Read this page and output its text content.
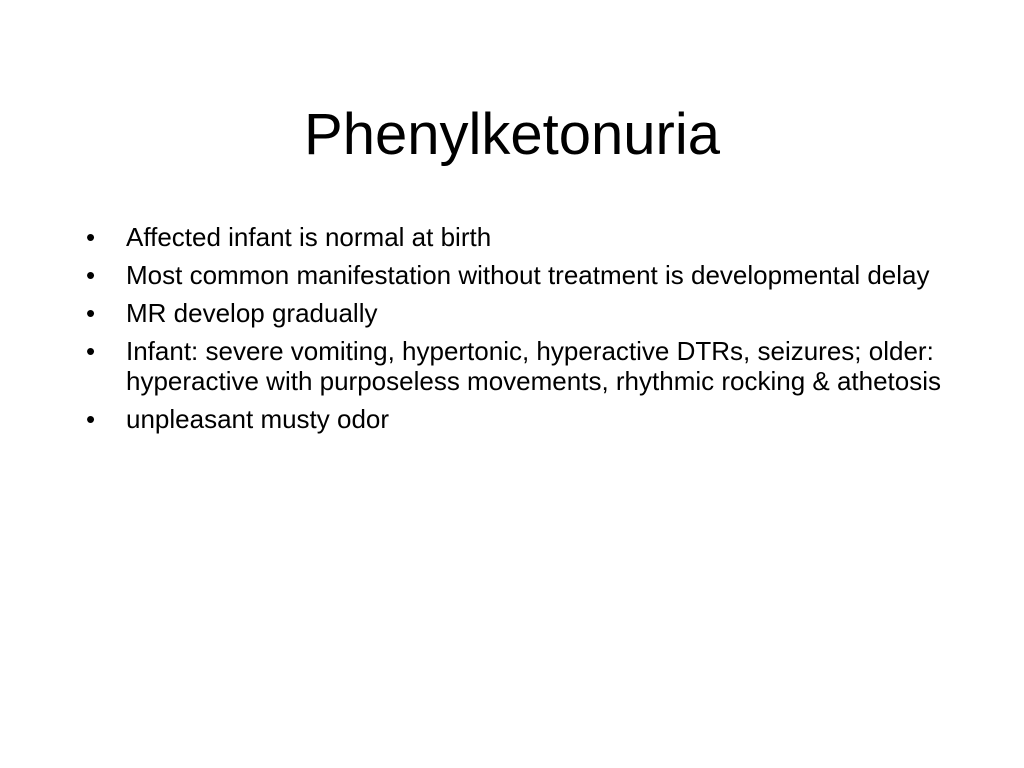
Phenylketonuria
•	Affected infant is normal at birth
•	Most common manifestation without treatment is developmental delay
•	MR develop gradually
•	Infant: severe vomiting, hypertonic, hyperactive DTRs, seizures; older: hyperactive with purposeless movements, rhythmic rocking & athetosis
•	unpleasant musty odor
